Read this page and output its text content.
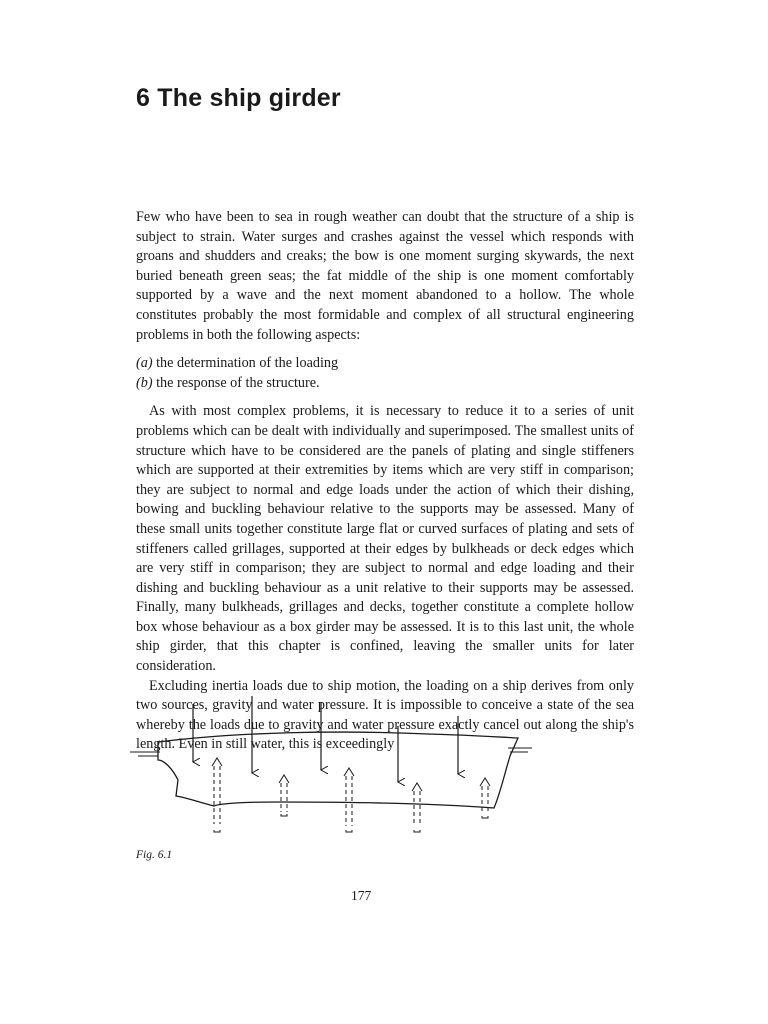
6 The ship girder

Few who have been to sea in rough weather can doubt that the structure of a ship is subject to strain. Water surges and crashes against the vessel which responds with groans and shudders and creaks; the bow is one moment surging skywards, the next buried beneath green seas; the fat middle of the ship is one moment comfortably supported by a wave and the next moment abandoned to a hollow. The whole constitutes probably the most formidable and complex of all structural engineering problems in both the following aspects:

(a) the determination of the loading
(b) the response of the structure.

As with most complex problems, it is necessary to reduce it to a series of unit problems which can be dealt with individually and superimposed. The smallest units of structure which have to be considered are the panels of plating and single stiffeners which are supported at their extremities by items which are very stiff in comparison; they are subject to normal and edge loads under the action of which their dishing, bowing and buckling behaviour relative to the supports may be assessed. Many of these small units together constitute large flat or curved surfaces of plating and sets of stiffeners called grillages, supported at their edges by bulkheads or deck edges which are very stiff in comparison; they are subject to normal and edge loading and their dishing and buckling behaviour as a unit relative to their supports may be assessed. Finally, many bulkheads, grillages and decks, together constitute a complete hollow box whose behaviour as a box girder may be assessed. It is to this last unit, the whole ship girder, that this chapter is confined, leaving the smaller units for later consideration.

Excluding inertia loads due to ship motion, the loading on a ship derives from only two sources, gravity and water pressure. It is impossible to conceive a state of the sea whereby the loads due to gravity and water pressure exactly cancel out along the ship's length. Even in still water, this is exceedingly

Fig. 6.1
177
